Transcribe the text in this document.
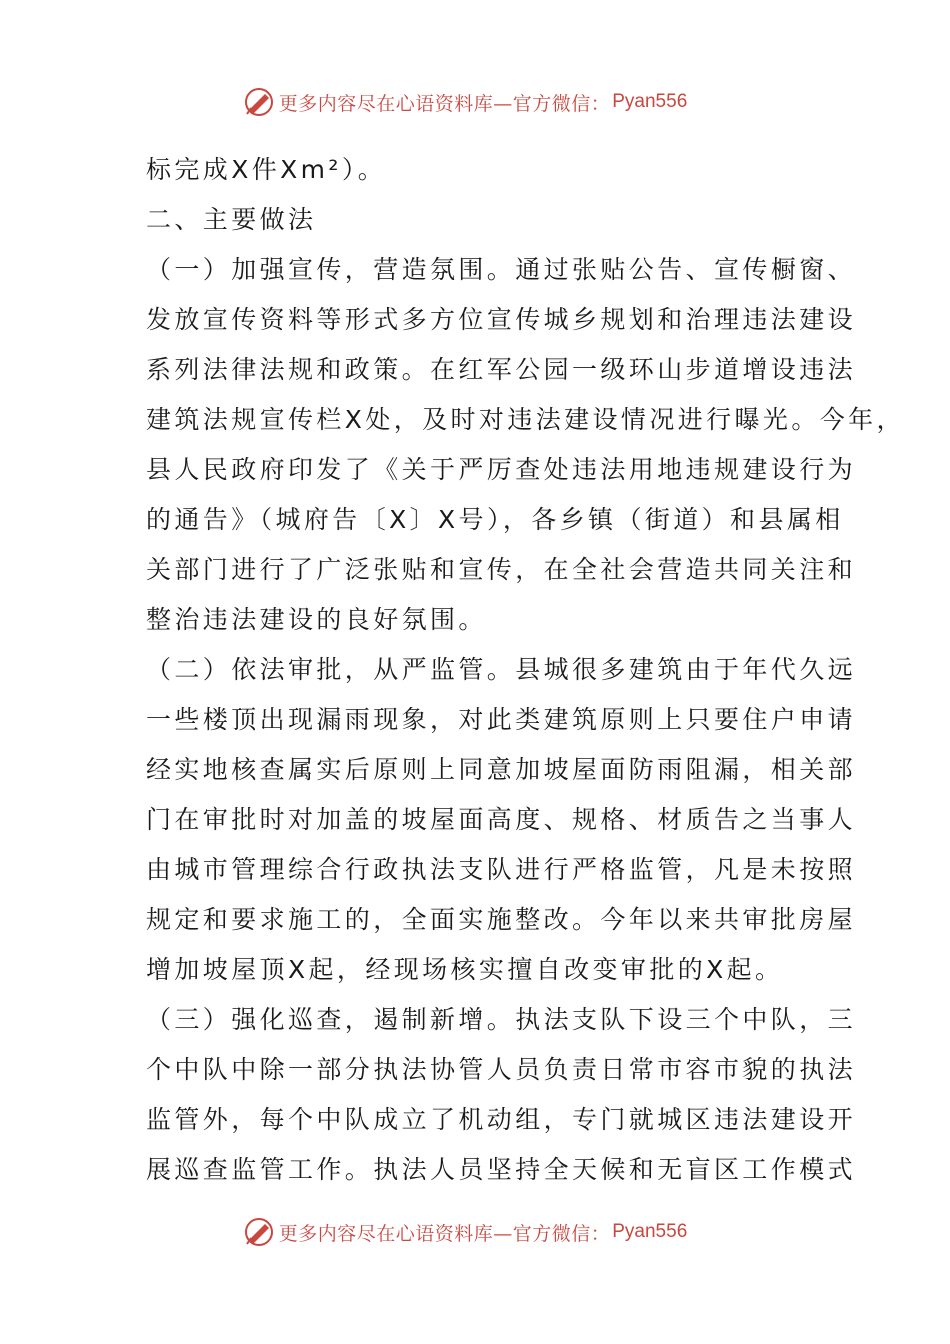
更多内容尽在心语资料库—官方微信： Pyan556
标完成X件Xm²）。
二、主要做法
（一）加强宣传，营造氛围。通过张贴公告、宣传橱窗、
发放宣传资料等形式多方位宣传城乡规划和治理违法建设
系列法律法规和政策。在红军公园一级环山步道增设违法
建筑法规宣传栏X处，及时对违法建设情况进行曝光。今年，
县人民政府印发了《关于严厉查处违法用地违规建设行为
的通告》（城府告〔X〕X号），各乡镇（街道）和县属相
关部门进行了广泛张贴和宣传，在全社会营造共同关注和
整治违法建设的良好氛围。
（二）依法审批，从严监管。县城很多建筑由于年代久远
一些楼顶出现漏雨现象，对此类建筑原则上只要住户申请
经实地核查属实后原则上同意加坡屋面防雨阻漏，相关部
门在审批时对加盖的坡屋面高度、规格、材质告之当事人
由城市管理综合行政执法支队进行严格监管，凡是未按照
规定和要求施工的，全面实施整改。今年以来共审批房屋
增加坡屋顶X起，经现场核实擅自改变审批的X起。
（三）强化巡查，遏制新增。执法支队下设三个中队，三
个中队中除一部分执法协管人员负责日常市容市貌的执法
监管外，每个中队成立了机动组，专门就城区违法建设开
展巡查监管工作。执法人员坚持全天候和无盲区工作模式
更多内容尽在心语资料库—官方微信： Pyan556
